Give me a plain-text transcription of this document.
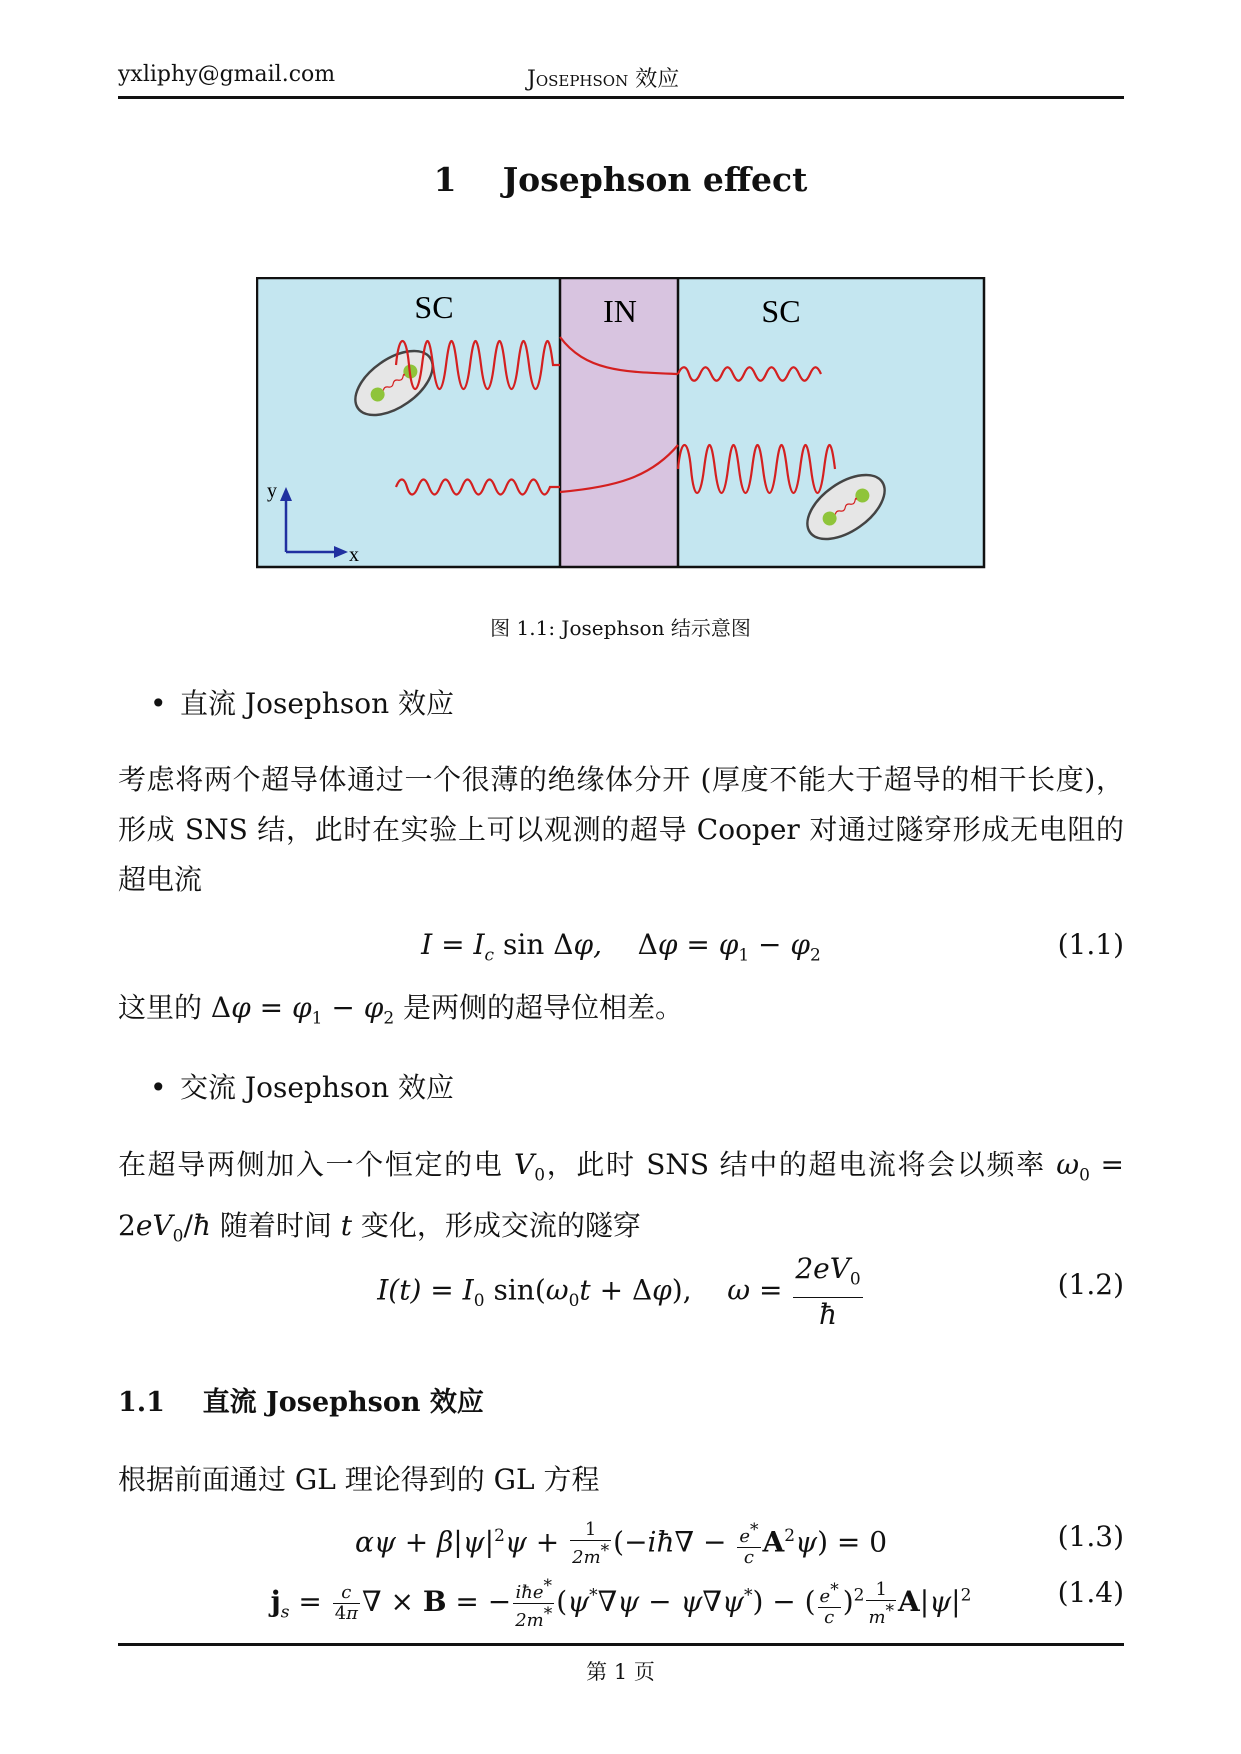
yxliphy@gmail.com	Josephson 效应
1    Josephson effect
SC	IN	SC
y
x
图 1.1: Josephson 结示意图
• 直流 Josephson 效应
考虑将两个超导体通过一个很薄的绝缘体分开 (厚度不能大于超导的相干长度)，形成 SNS 结，此时在实验上可以观测的超导 Cooper 对通过隧穿形成无电阻的超电流
$I = I_c$ sin Δφ,    $\Delta\varphi = \varphi_1 - \varphi_2$	(1.1)
这里的 $\Delta\varphi = \varphi_1 - \varphi_2$ 是两侧的超导位相差。
• 交流 Josephson 效应
在超导两侧加入一个恒定的电 $V_0$，此时 SNS 结中的超电流将会以频率 $\omega_0$ = $2eV_0/ħ$ 随着时间 t 变化，形成交流的隧穿
$I(t) = I_0$ $\sin(\omega_0t + \Delta\varphi)$,    $\omega = \frac{2eV_0}{ħ}$	(1.2)
1.1    直流 Josephson 效应
根据前面通过 GL 理论得到的 GL 方程
$\alpha\psi + \beta|\psi|^2\psi + \frac{1}{2m^*}$ (−iħ∇ − $\frac{e^*}{c} A^2\psi) = 0$	(1.3)
$j_s = \frac{c}{4\pi}$ ∇ × B = − $\frac{iħe^*}{2m^*} (\psi^*\nabla\psi - \psi\nabla\psi^*)$ − ( $\frac{e^*}{c} )^2 \frac{1}{m^*} A|\psi|^2$	(1.4)
第 1 页
